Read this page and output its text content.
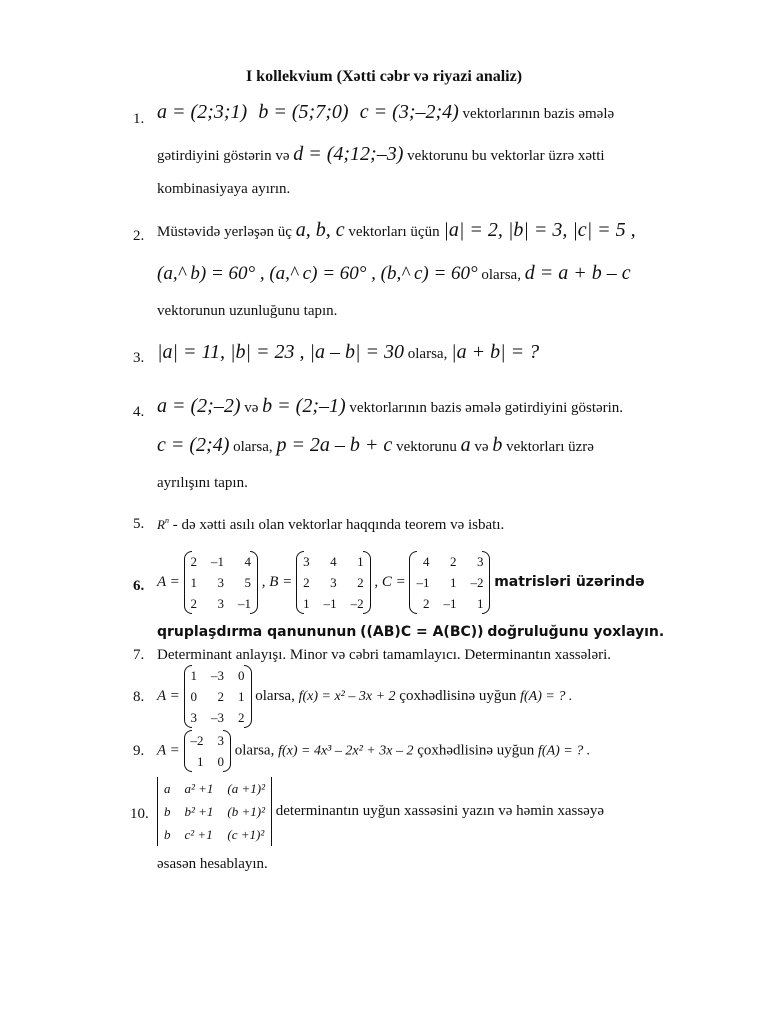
I kollekvium (Xətti cəbr və riyazi analiz)
1. a = (2;3;1) b = (5;7;0) c = (3;–2;4) vektorlarının bazis əmələ
gətirdiyini göstərin və d = (4;12;–3) vektorunu bu vektorlar üzrə xətti
kombinasiyaya ayırın.
2. Müstəvidə yerləşən üç a, b, c vektorları üçün |a| = 2, |b| = 3, |c| = 5 ,
(a,^ b) = 60° , (a,^ c) = 60° , (b,^ c) = 60° olarsa, d = a + b – c
vektorunun uzunluğunu tapın.
3. |a| = 11, |b| = 23 , |a – b| = 30 olarsa, |a + b| = ?
4. a = (2;–2) və b = (2;–1) vektorlarının bazis əmələ gətirdiyini göstərin.
c = (2;4) olarsa, p = 2a – b + c vektorunu a və b vektorları üzrə
ayrılışını tapın.
5. $R^n$ - də xətti asılı olan vektorlar haqqında teorem və isbatı.
6. A =
2	–1	4
1	3	5
2	3	–1
, B =
3	4	1
2	3	2
1	–1	–2
, C =
4	2	3
–1	1	–2
2	–1	1
matrisləri üzərində
qruplaşdırma qanununun ((AB)C = A(BC)) doğruluğunu yoxlayın.
7. Determinant anlayışı. Minor və cəbri tamamlayıcı. Determinantın xassələri.
8. A =
1	–3	0
0	2	1
3	–3	2
olarsa, f(x) = x² – 3x + 2 çoxhədlisinə uyğun f(A) = ? .
9. A =
–2	3
1	0
olarsa, f(x) = 4x³ – 2x² + 3x – 2 çoxhədlisinə uyğun f(A) = ? .
10.
a	a² +1	(a +1)²
b	b² +1	(b +1)²
b	c² +1	(c +1)²
determinantın uyğun xassəsini yazın və həmin xassəyə
əsasən hesablayın.
